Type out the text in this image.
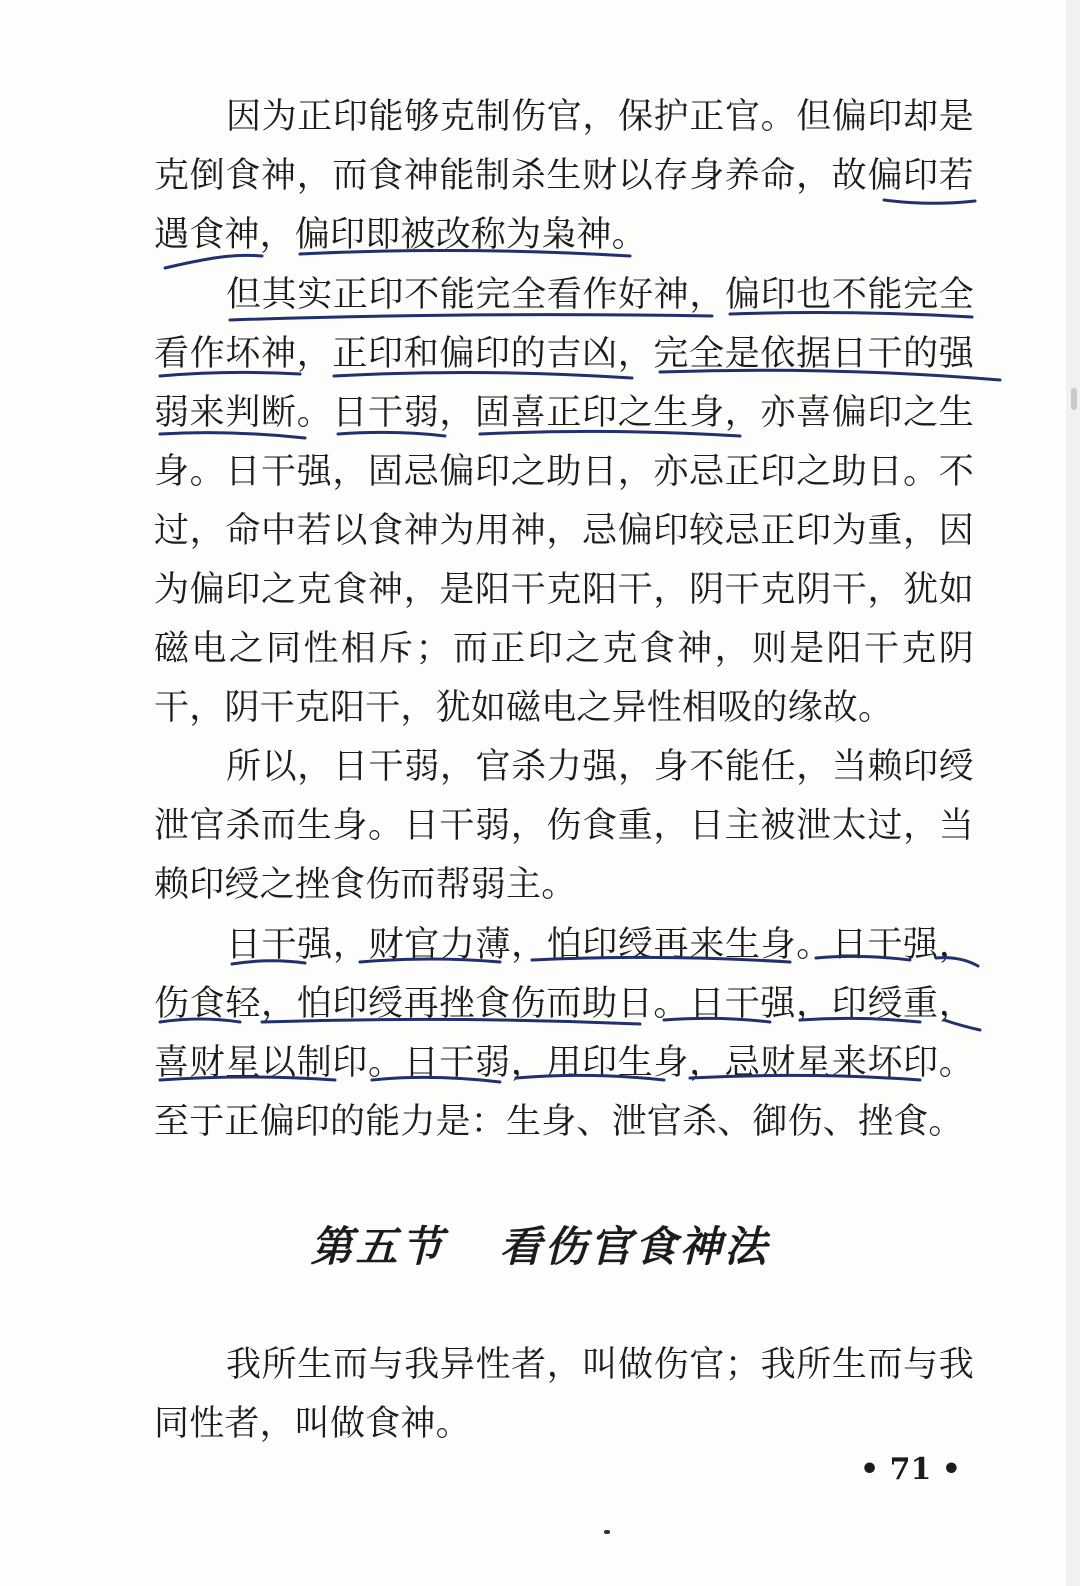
因为正印能够克制伤官，保护正官。但偏印却是克倒食神，而食神能制杀生财以存身养命，故偏印若遇食神，偏印即被改称为枭神。

但其实正印不能完全看作好神，偏印也不能完全看作坏神，正印和偏印的吉凶，完全是依据日干的强弱来判断。日干弱，固喜正印之生身，亦喜偏印之生身。日干强，固忌偏印之助日，亦忌正印之助日。不过，命中若以食神为用神，忌偏印较忌正印为重，因为偏印之克食神，是阳干克阳干，阴干克阴干，犹如磁电之同性相斥；而正印之克食神，则是阳干克阴干，阴干克阳干，犹如磁电之异性相吸的缘故。

所以，日干弱，官杀力强，身不能任，当赖印绶泄官杀而生身。日干弱，伤食重，日主被泄太过，当赖印绶之挫食伤而帮弱主。

日干强，财官力薄，怕印绶再来生身。日干强，伤食轻，怕印绶再挫食伤而助日。日干强，印绶重，喜财星以制印。日干弱，用印生身，忌财星来坏印。至于正偏印的能力是：生身、泄官杀、御伤、挫食。

第五节 看伤官食神法

我所生而与我异性者，叫做伤官；我所生而与我同性者，叫做食神。

• 71 •
